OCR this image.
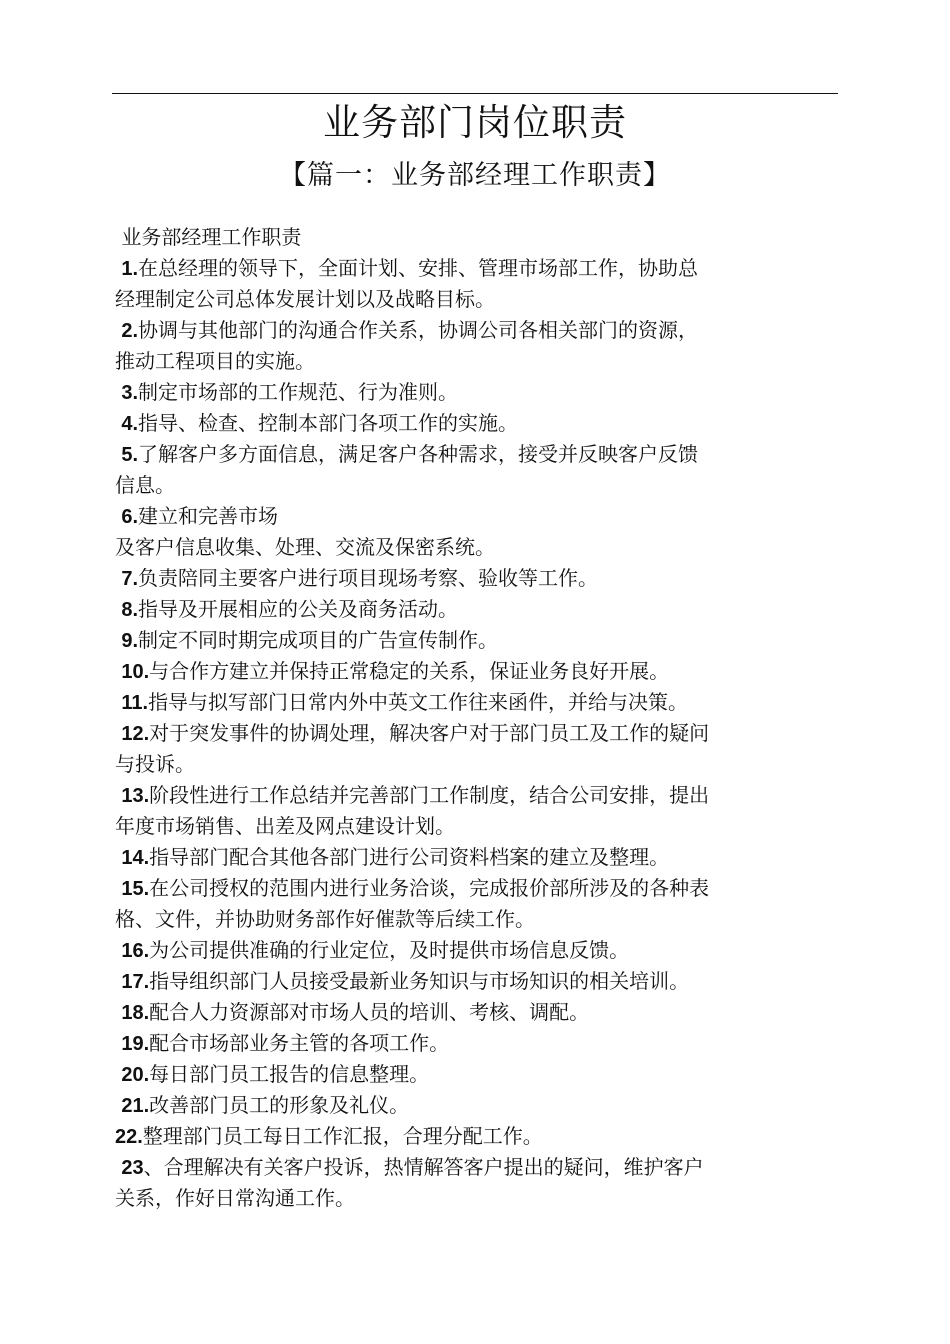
业务部门岗位职责
【篇一：业务部经理工作职责】
业务部经理工作职责
1.在总经理的领导下，全面计划、安排、管理市场部工作，协助总
经理制定公司总体发展计划以及战略目标。
2.协调与其他部门的沟通合作关系，协调公司各相关部门的资源，
推动工程项目的实施。
3.制定市场部的工作规范、行为准则。
4.指导、检查、控制本部门各项工作的实施。
5.了解客户多方面信息，满足客户各种需求，接受并反映客户反馈
信息。
6.建立和完善市场
及客户信息收集、处理、交流及保密系统。
7.负责陪同主要客户进行项目现场考察、验收等工作。
8.指导及开展相应的公关及商务活动。
9.制定不同时期完成项目的广告宣传制作。
10.与合作方建立并保持正常稳定的关系，保证业务良好开展。
11.指导与拟写部门日常内外中英文工作往来函件，并给与决策。
12.对于突发事件的协调处理，解决客户对于部门员工及工作的疑问
与投诉。
13.阶段性进行工作总结并完善部门工作制度，结合公司安排，提出
年度市场销售、出差及网点建设计划。
14.指导部门配合其他各部门进行公司资料档案的建立及整理。
15.在公司授权的范围内进行业务洽谈，完成报价部所涉及的各种表
格、文件，并协助财务部作好催款等后续工作。
16.为公司提供准确的行业定位，及时提供市场信息反馈。
17.指导组织部门人员接受最新业务知识与市场知识的相关培训。
18.配合人力资源部对市场人员的培训、考核、调配。
19.配合市场部业务主管的各项工作。
20.每日部门员工报告的信息整理。
21.改善部门员工的形象及礼仪。
22.整理部门员工每日工作汇报，合理分配工作。
23、合理解决有关客户投诉，热情解答客户提出的疑问，维护客户
关系，作好日常沟通工作。
